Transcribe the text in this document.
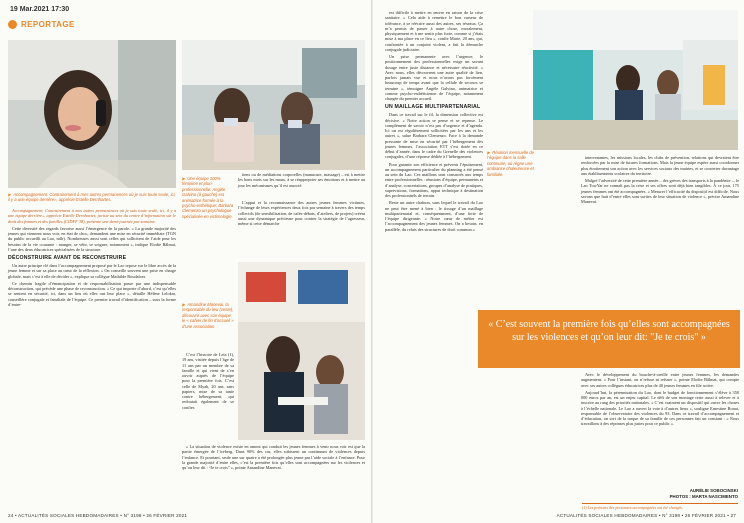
19 Mar.2021 17:30
REPORTAGE
▶ Accompagnement. Contrairement à mes autres permanences où je suis toute seule, ici, il y a une équipe derrière», apprécie Estelle Dernhartes.
▶ Une équipe 100% féminine et pluri-professionnelle: Angèle Galvino (à gauche) est animatrice formée à la psycho-esthétique; Barbara Clemenzo un psychologue spécialisée en victimologie.
▶ Amandine Manevai, la responsable du lieu (veste), découvre avec son équipe le « cahier de fin d’accueil » d’une association.

Accompagnement. Contrairement à mes autres permanences où je suis toute seule, ici, il y a une équipe derrière», apprécie Estelle Dernhartes, juriste au sein du centre d’information sur le droit des femmes et des familles (CIDFF 38), présente une demi-journée par semaine.

Cette diversité des regards favorise aussi l’émergence de la parole. « La grande majorité des jeunes qui viennent nous voir, en état de choc, demandent une mise en sécurité immédiate (TGN du public accueilli au Lao, ndlr). Nombreuses aussi sont celles qui sollicitent de l’aide pour les besoins de la vie courante : manger, se vêtir, se soigner, notamment », indique Elodie Bâlmat, l’une des deux éducatrices spécialisées de la structure.

DÉCONSTRUIRE AVANT DE RECONSTRUIRE

Un autre principe clé dans l’accompagnement proposé par le Lao repose sur le libre accès de la jeune femme et sur sa place au cœur de la réflexion. « On conseille souvent une prise en charge globale, mais c’est à elle de décider », explique sa collègue Mathilde Boudaloer.

Ce chemin fragile d’émancipation et de responsabilisation passe par une indispensable déconstruction, qui précède une phase de reconstruction. « Ce qui importe d’abord, c’est qu’elles se sentent en sécurité, ici, dans un lieu où elles ont leur place », détaille Hélène Lelokar, conseillère conjugale et familiale de l’équipe. Ce premier travail d’identification – sous la forme d’entre-

tiens ou de médiations corporelles (manucure, massage) – est à mettre les bons mots sur les maux, à se réapproprier ses émotions et à mettre au jour les mécanismes qu’il est associé.

24 • ACTUALITÉS SOCIALES HEBDOMADAIRES • N° 3198 • 26 FÉVRIER 2021

est difficile à mettre en œuvre en raison de la crise sanitaire. « Cela aide à remettre le bon curseur de tolérance, à se réécrire aussi des autres, ses réseaux. Ça m’a permis de passer à autre chose, moralement, physiquement et à me sentir plus forte, comme si j’étais mise à ma place en ce lieu », confie Marie, 20 ans, qui, confrontée à un conjoint violent, a fait la démarche conjugale judiciaire.

Un prise permanente avec l’urgence, le positionnement des professionnelles exige un savant dosage entre juste distance et nécessaire réactivité. « Avec nous, elles découvrent une autre qualité de lien, parfois jamais vue et nous n’avons pas forcément beaucoup de temps avant que la cellule de secours se termine », témoigne Angèle Galvino, animatrice et comme psycho-esthéticienne de l’équipe, notamment chargée du premier accueil.

UN MAILLAGE MULTIPARTENARIAL

Dans ce travail sur le fil, la dimension collective est décisive. « Notre action se pense et se repense. Le complément de savoir n’est pas d’urgence et d’agenda. Ici on est régulièrement sollicitées par les uns et les autres », salue Barbara Clemenzo. Face à la demande pressante de mise en sécurité par l’hébergement des jeunes femmes, l’association ETT s’est dotée en ce début d’année, dans le cadre du Grenelle des violences conjugales, d’une réponse dédiée à l’hébergement.

Pour garantir son efficience et prévenir l’épuisement, un accompagnement particulier du planning a été pensé au sein du Lao. Ces maillons sont consacrés aux temps entre professionnelles : réunions d’équipe, permanents et d’analyse, concertations, groupes d’analyse de pratiques, supervisions, formations, appui technique à destination des professionnels de terrain.

Reste un autre chaînon, sans lequel le travail du Lao ne peut être mené à bien : le tissage d’un maillage multipartenarial et, conséquemment, d’une forte de l’équipe dirigeante. « Notre cœur de métier est l’accompagnement des jeunes femmes. On a besoin, en parallèle, du relais des structures de droit commun.»

▶ Réunion mensuelle de l’équipe dans la salle commune, où règne une ambiance chaleureuse et familiale.

intervenantes, les missions locales, les clubs de prévention, relations qui devraient être renforcées par la mise de futures formations. Mais la jeune équipe espère aussi coordonner plus étroitement son action avec les services sociaux des mairies, et se concerter davantage aux établissements scolaires du territoire.

Malgré l’adversité de cette première année – des grèves des transports à la pandémie –, le Lao TowYar ne connaît pas la crise et ses offres sont déjà bien tangibles. À ce jour, 175 jeunes femmes ont été accompagnées. « Mesurer l’efficacité du dispositif est difficile. Nous savons que huit d’entre elles sont sorties de leur situation de violence », précise Amandine Manevai.

Avec le développement du bouche-à-oreille entre jeunes femmes, les demandes augmentent. « Pour l’instant, on n’refuse ni refuser », pointe Elodie Bâlmat, qui compte avec ses autres collègues éducatrices plus de 40 jeunes femmes en file active.

Aujourd’hui, la pérennisation du Lao, dont le budget de fonctionnement s’élève à 350 000 euros par an, est un enjeu capital. Le défi de son montage reste aussi à relever et à inscrire au rang des priorités nationales. « C’est vraiment un dispositif qui ouvre les choses à l’échelle nationale. Le Lao a ouvert la voie à d’autres lieux », souligne Ernestine Ronai, responsable de l’observatoire des violences du 93. Dans ce travail d’accompagnement et d’éducation, on sort de la traque de sa famille de ces personnes fait un constant : « Nous travaillons à des réponses plus justes pour ce public ».

ACTUALITÉS SOCIALES HEBDOMADAIRES • N° 3198 • 26 FÉVRIER 2021 • 27
« C’est souvent la première fois qu’elles sont accompagnées sur les violences et qu’on leur dit: "Je te crois" »
AURÉLIE SOBOCINSKI
PHOTOS : MARTA NASCIMENTO
(1) Les prénoms des personnes accompagnées ont été changés.

« La situation de violence existe en amont qui conduit les jeunes femmes à venir nous voir est que la partie émergée de l’iceberg. Dans 90% des cas, elles subissent un continuum de violences depuis l’enfance. Et pourtant, seule une sur quatre a été prolongée plus jeune par l’aide sociale à l’enfance. Pour la grande majorité d’entre elles, c’est la première fois qu’elles sont accompagnées sur les violences et qu’on leur dit : “Je te crois” », pointe Amandine Manevai.

C’est l’histoire de Leïa (1), 19 ans, visitée depuis l’âge de 11 ans par un membre de sa famille et qui vient de s’en ouvrir auprès de l’équipe pour la première fois. C’est celle de Myah, 20 ans, sans papiers, mise de sa tante contre hébergement, qui redoutait également de se confier.

L’appui et la reconnaissance des autres jeunes femmes victimes, l’échange de leurs expériences deux fois par semaine à travers des temps collectifs (de sensibilisation, de cafés-débats, d’ateliers, de projets) créent aussi une dynamique précieuse pour contrer la stratégie de l’agresseur, même si cette démarche
